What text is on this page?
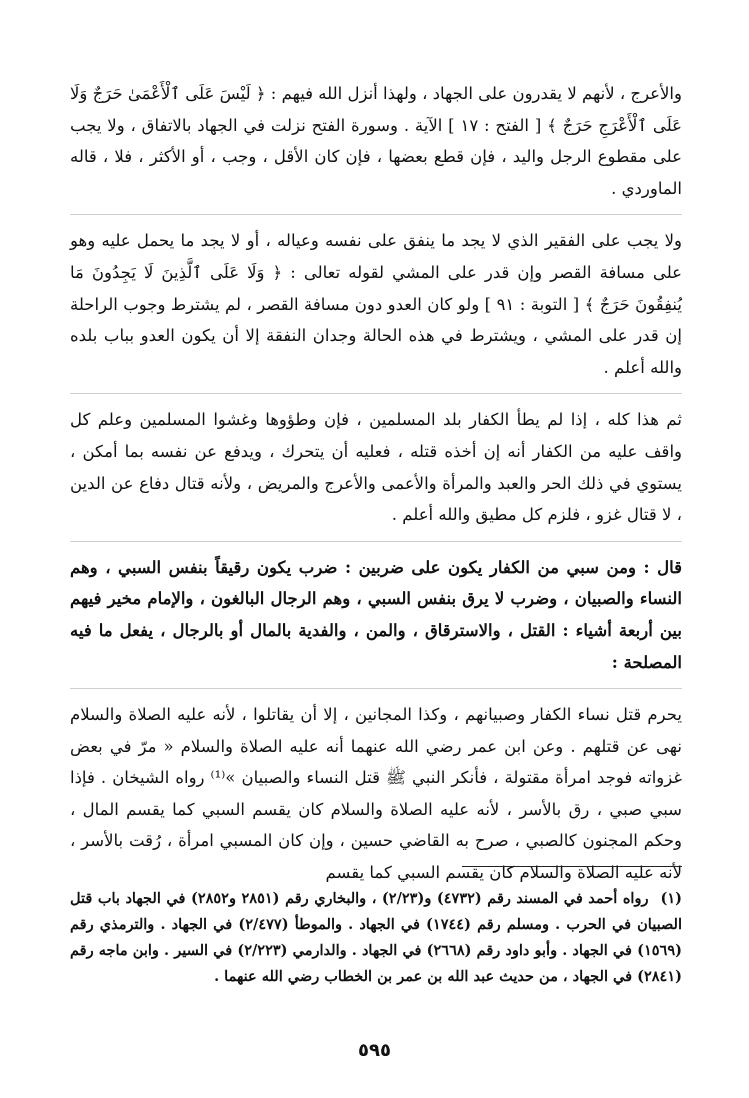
والأعرج ، لأنهم لا يقدرون على الجهاد ، ولهذا أنزل الله فيهم : ﴿ لَيْسَ عَلَى ٱلْأَعْمَىٰ حَرَجٌ وَلَا عَلَى ٱلْأَعْرَجِ حَرَجٌ ﴾ [ الفتح : ١٧ ] الآية . وسورة الفتح نزلت في الجهاد بالاتفاق ، ولا يجب على مقطوع الرجل واليد ، فإن قطع بعضها ، فإن كان الأقل ، وجب ، أو الأكثر ، فلا ، قاله الماوردي .

ولا يجب على الفقير الذي لا يجد ما ينفق على نفسه وعياله ، أو لا يجد ما يحمل عليه وهو على مسافة القصر وإن قدر على المشي لقوله تعالى : ﴿ وَلَا عَلَى ٱلَّذِينَ لَا يَجِدُونَ مَا يُنفِقُونَ حَرَجٌ ﴾ [ التوبة : ٩١ ] ولو كان العدو دون مسافة القصر ، لم يشترط وجوب الراحلة إن قدر على المشي ، ويشترط في هذه الحالة وجدان النفقة إلا أن يكون العدو بباب بلده والله أعلم .

ثم هذا كله ، إذا لم يطأ الكفار بلد المسلمين ، فإن وطؤوها وغشوا المسلمين وعلم كل واقف عليه من الكفار أنه إن أخذه قتله ، فعليه أن يتحرك ، ويدفع عن نفسه بما أمكن ، يستوي في ذلك الحر والعبد والمرأة والأعمى والأعرج والمريض ، ولأنه قتال دفاع عن الدين ، لا قتال غزو ، فلزم كل مطيق والله أعلم .

قال : ومن سبي من الكفار يكون على ضربين : ضرب يكون رقيقاً بنفس السبي ، وهم النساء والصبيان ، وضرب لا يرق بنفس السبي ، وهم الرجال البالغون ، والإمام مخير فيهم بين أربعة أشياء : القتل ، والاسترقاق ، والمن ، والفدية بالمال أو بالرجال ، يفعل ما فيه المصلحة :

يحرم قتل نساء الكفار وصبيانهم ، وكذا المجانين ، إلا أن يقاتلوا ، لأنه عليه الصلاة والسلام نهى عن قتلهم . وعن ابن عمر رضي الله عنهما أنه عليه الصلاة والسلام « مرّ في بعض غزواته فوجد امرأة مقتولة ، فأنكر النبي ﷺ قتل النساء والصبيان »⁽¹⁾ رواه الشيخان . فإذا سبي صبي ، رق بالأسر ، لأنه عليه الصلاة والسلام كان يقسم السبي كما يقسم المال ، وحكم المجنون كالصبي ، صرح به القاضي حسين ، وإن كان المسبي امرأة ، رُقت بالأسر ، لأنه عليه الصلاة والسلام كان يقسم السبي كما يقسم

(١)رواه أحمد في المسند رقم (٤٧٣٢) و(٢/٢٣) ، والبخاري رقم (٢٨٥١ و٢٨٥٢) في الجهاد باب قتل الصبيان في الحرب . ومسلم رقم (١٧٤٤) في الجهاد . والموطأ (٢/٤٧٧) في الجهاد . والترمذي رقم (١٥٦٩) في الجهاد . وأبو داود رقم (٢٦٦٨) في الجهاد . والدارمي (٢/٢٢٣) في السير . وابن ماجه رقم (٢٨٤١) في الجهاد ، من حديث عبد الله بن عمر بن الخطاب رضي الله عنهما .
٥٩٥
